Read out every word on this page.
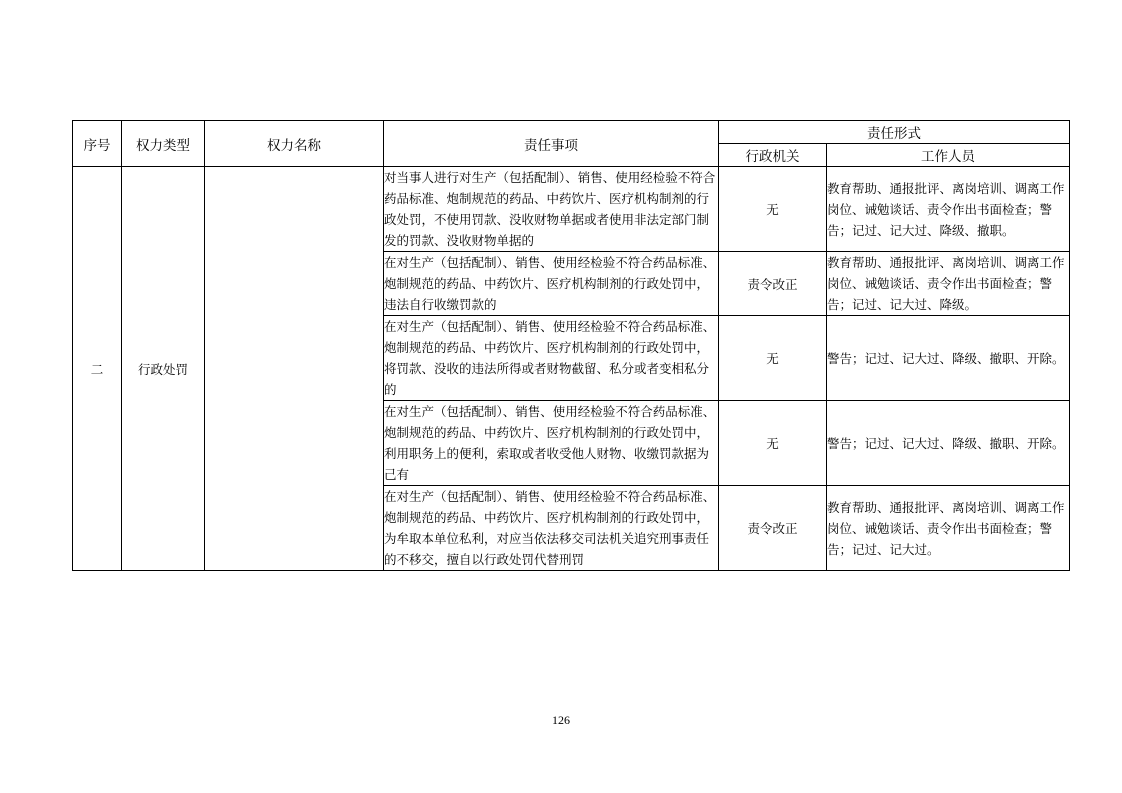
序号	权力类型	权力名称	责任事项	责任形式	
				行政机关	工作人员
二	行政处罚		对当事人进行对生产（包括配制）、销售、使用经检验不符合药品标准、炮制规范的药品、中药饮片、医疗机构制剂的行政处罚，不使用罚款、没收财物单据或者使用非法定部门制发的罚款、没收财物单据的	无	教育帮助、通报批评、离岗培训、调离工作岗位、诫勉谈话、责令作出书面检查；警告；记过、记大过、降级、撤职。
			在对生产（包括配制）、销售、使用经检验不符合药品标准、炮制规范的药品、中药饮片、医疗机构制剂的行政处罚中，违法自行收缴罚款的	责令改正	教育帮助、通报批评、离岗培训、调离工作岗位、诫勉谈话、责令作出书面检查；警告；记过、记大过、降级。
			在对生产（包括配制）、销售、使用经检验不符合药品标准、炮制规范的药品、中药饮片、医疗机构制剂的行政处罚中，将罚款、没收的违法所得或者财物截留、私分或者变相私分的	无	警告；记过、记大过、降级、撤职、开除。
			在对生产（包括配制）、销售、使用经检验不符合药品标准、炮制规范的药品、中药饮片、医疗机构制剂的行政处罚中，利用职务上的便利，索取或者收受他人财物、收缴罚款据为己有	无	警告；记过、记大过、降级、撤职、开除。
			在对生产（包括配制）、销售、使用经检验不符合药品标准、炮制规范的药品、中药饮片、医疗机构制剂的行政处罚中，为牟取本单位私利，对应当依法移交司法机关追究刑事责任的不移交，擅自以行政处罚代替刑罚	责令改正	教育帮助、通报批评、离岗培训、调离工作岗位、诫勉谈话、责令作出书面检查；警告；记过、记大过。
126
